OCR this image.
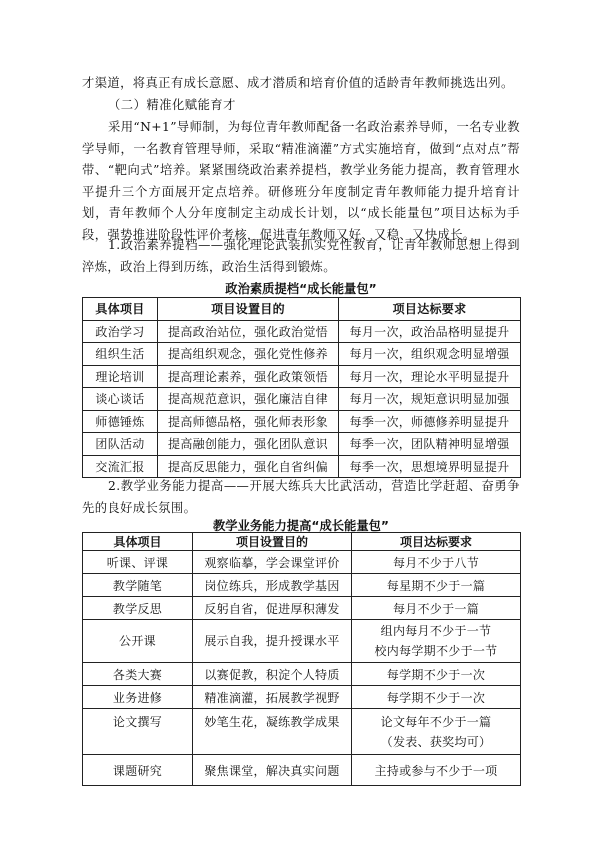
才渠道，将真正有成长意愿、成才潜质和培育价值的适龄青年教师挑选出列。

（二）精准化赋能育才

采用“N+1”导师制，为每位青年教师配备一名政治素养导师，一名专业教学导师，一名教育管理导师，采取“精准滴灌”方式实施培育，做到“点对点”帮带、“靶向式”培养。紧紧围绕政治素养提档，教学业务能力提高，教育管理水平提升三个方面展开定点培养。研修班分年度制定青年教师能力提升培育计划，青年教师个人分年度制定主动成长计划，以“成长能量包”项目达标为手段，强势推进阶段性评价考核，促进青年教师又好、又稳、又快成长。

1.政治素养提档——强化理论武装抓实党性教育，让青年教师思想上得到淬炼，政治上得到历练，政治生活得到锻炼。

政治素质提档“成长能量包”

具体项目	项目设置目的	项目达标要求
政治学习	提高政治站位，强化政治觉悟	每月一次，政治品格明显提升
组织生活	提高组织观念，强化党性修养	每月一次，组织观念明显增强
理论培训	提高理论素养，强化政策领悟	每月一次，理论水平明显提升
谈心谈话	提高规范意识，强化廉洁自律	每月一次，规矩意识明显加强
师德锤炼	提高师德品格，强化师表形象	每季一次，师德修养明显提升
团队活动	提高融创能力，强化团队意识	每季一次，团队精神明显增强
交流汇报	提高反思能力，强化自省纠偏	每季一次，思想境界明显提升

2.教学业务能力提高——开展大练兵大比武活动，营造比学赶超、奋勇争先的良好成长氛围。

教学业务能力提高“成长能量包”

具体项目	项目设置目的	项目达标要求
听课、评课	观察临摹，学会课堂评价	每月不少于八节
教学随笔	岗位练兵，形成教学基因	每星期不少于一篇
教学反思	反躬自省，促进厚积薄发	每月不少于一篇
公开课	展示自我，提升授课水平	组内每月不少于一节
校内每学期不少于一节

各类大赛	以赛促教，积淀个人特质	每学期不少于一次
业务进修	精准滴灌，拓展教学视野	每学期不少于一次
论文撰写	妙笔生花，凝练教学成果	论文每年不少于一篇
（发表、获奖均可）

课题研究	聚焦课堂，解决真实问题	主持或参与不少于一项
